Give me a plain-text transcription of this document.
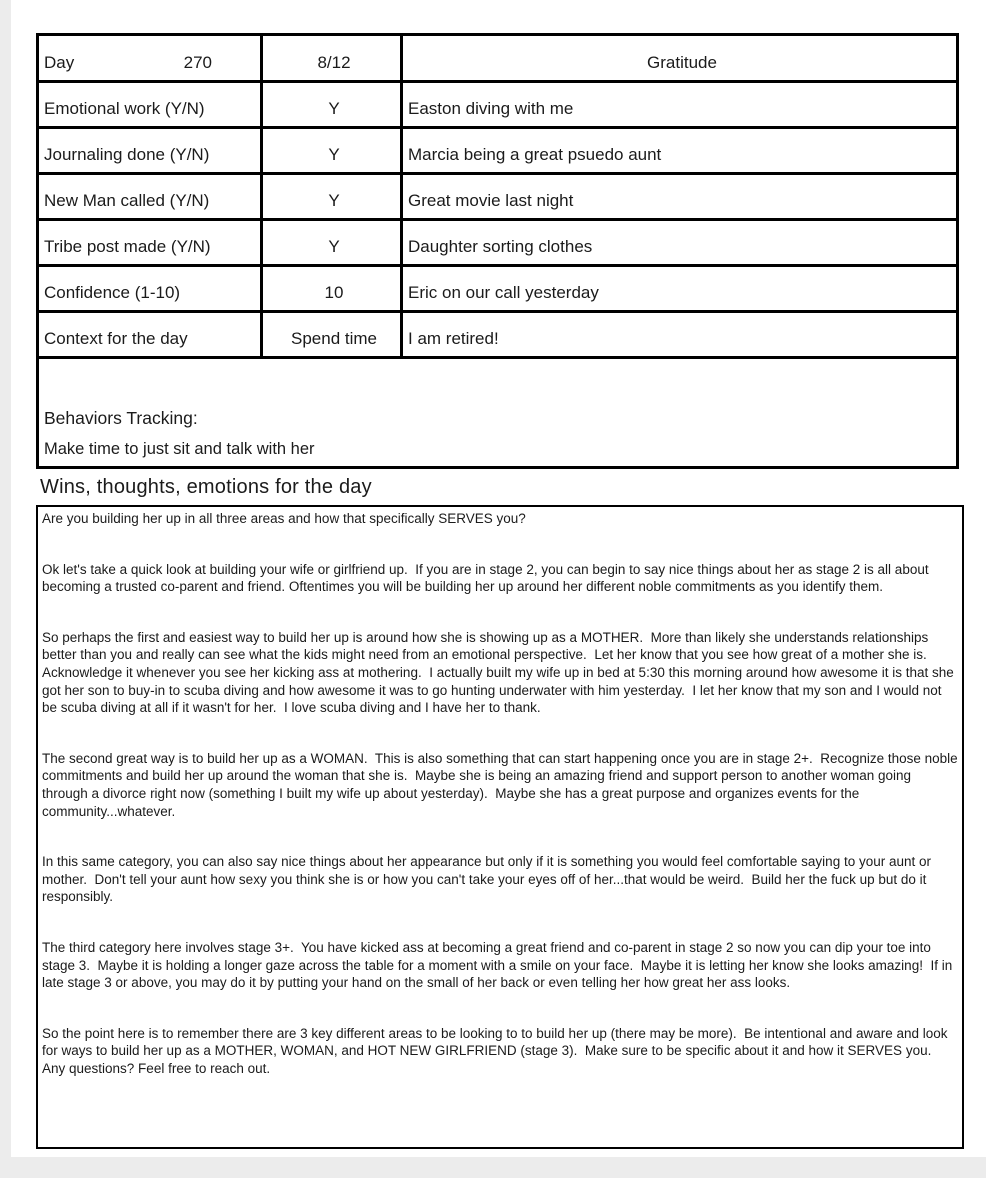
Day 270	8/12	Gratitude
Emotional work (Y/N)	Y	Easton diving with me
Journaling done (Y/N)	Y	Marcia being a great psuedo aunt
New Man called (Y/N)	Y	Great movie last night
Tribe post made (Y/N)	Y	Daughter sorting clothes
Confidence (1-10)	10	Eric on our call yesterday
Context for the day	Spend time	I am retired!

Behaviors Tracking:
Make time to just sit and talk with her		
Wins, thoughts, emotions for the day

Are you building her up in all three areas and how that specifically SERVES you?

Ok let's take a quick look at building your wife or girlfriend up.  If you are in stage 2, you can begin to say nice things about her as stage 2 is all about becoming a trusted co-parent and friend. Oftentimes you will be building her up around her different noble commitments as you identify them.

So perhaps the first and easiest way to build her up is around how she is showing up as a MOTHER.  More than likely she understands relationships better than you and really can see what the kids might need from an emotional perspective.  Let her know that you see how great of a mother she is.  Acknowledge it whenever you see her kicking ass at mothering.  I actually built my wife up in bed at 5:30 this morning around how awesome it is that she got her son to buy-in to scuba diving and how awesome it was to go hunting underwater with him yesterday.  I let her know that my son and I would not be scuba diving at all if it wasn't for her.  I love scuba diving and I have her to thank.

The second great way is to build her up as a WOMAN.  This is also something that can start happening once you are in stage 2+.  Recognize those noble commitments and build her up around the woman that she is.  Maybe she is being an amazing friend and support person to another woman going through a divorce right now (something I built my wife up about yesterday).  Maybe she has a great purpose and organizes events for the community...whatever.

In this same category, you can also say nice things about her appearance but only if it is something you would feel comfortable saying to your aunt or mother.  Don't tell your aunt how sexy you think she is or how you can't take your eyes off of her...that would be weird.  Build her the fuck up but do it responsibly.

The third category here involves stage 3+.  You have kicked ass at becoming a great friend and co-parent in stage 2 so now you can dip your toe into stage 3.  Maybe it is holding a longer gaze across the table for a moment with a smile on your face.  Maybe it is letting her know she looks amazing!  If in late stage 3 or above, you may do it by putting your hand on the small of her back or even telling her how great her ass looks.

So the point here is to remember there are 3 key different areas to be looking to to build her up (there may be more).  Be intentional and aware and look for ways to build her up as a MOTHER, WOMAN, and HOT NEW GIRLFRIEND (stage 3).  Make sure to be specific about it and how it SERVES you.  Any questions? Feel free to reach out.
